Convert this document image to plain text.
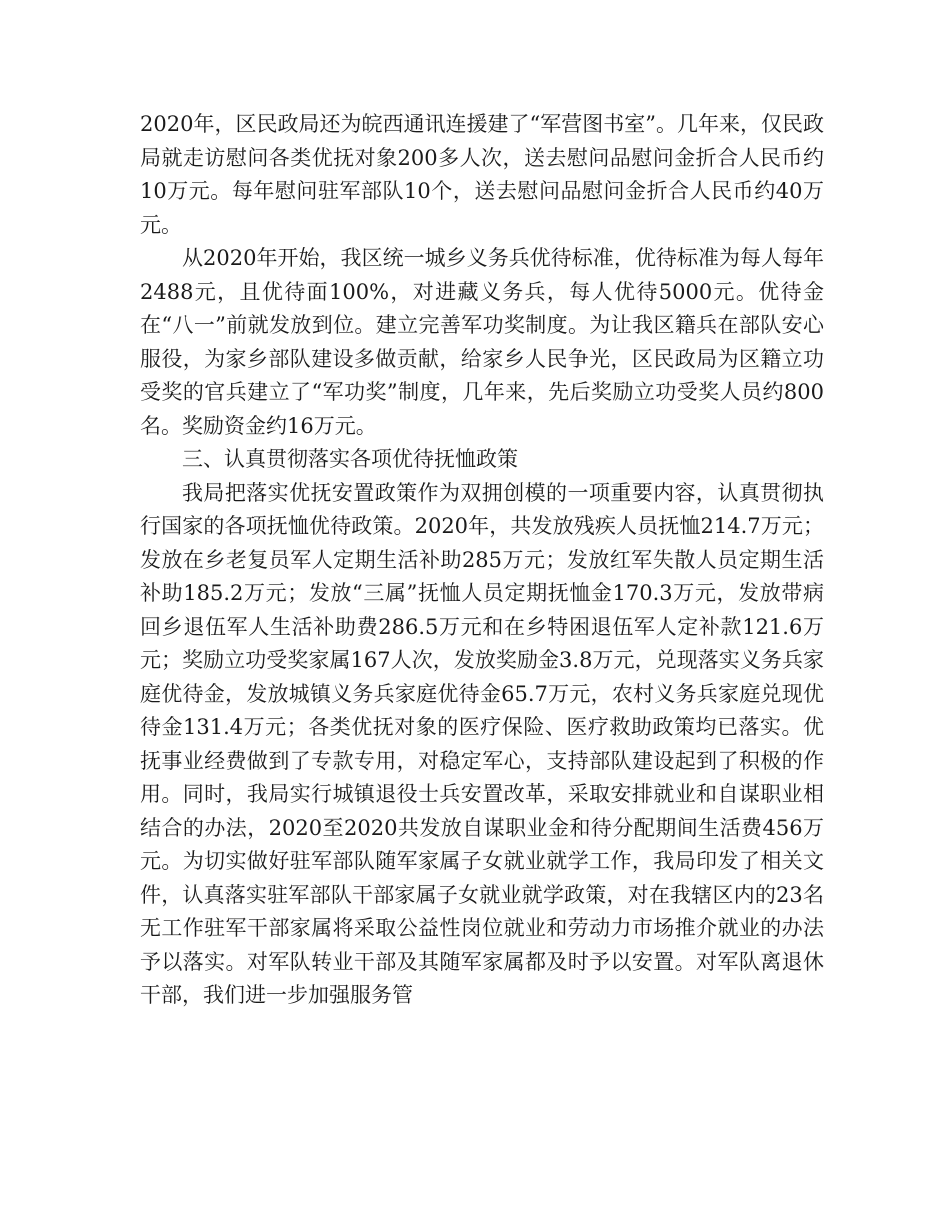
2020年，区民政局还为皖西通讯连援建了“军营图书室”。几年来，仅民政局就走访慰问各类优抚对象200多人次，送去慰问品慰问金折合人民币约10万元。每年慰问驻军部队10个，送去慰问品慰问金折合人民币约40万元。

从2020年开始，我区统一城乡义务兵优待标准，优待标准为每人每年2488元，且优待面100%，对进藏义务兵，每人优待5000元。优待金在“八一”前就发放到位。建立完善军功奖制度。为让我区籍兵在部队安心服役，为家乡部队建设多做贡献，给家乡人民争光，区民政局为区籍立功受奖的官兵建立了“军功奖”制度，几年来，先后奖励立功受奖人员约800名。奖励资金约16万元。

三、认真贯彻落实各项优待抚恤政策

我局把落实优抚安置政策作为双拥创模的一项重要内容，认真贯彻执行国家的各项抚恤优待政策。2020年，共发放残疾人员抚恤214.7万元；发放在乡老复员军人定期生活补助285万元；发放红军失散人员定期生活补助185.2万元；发放“三属”抚恤人员定期抚恤金170.3万元，发放带病回乡退伍军人生活补助费286.5万元和在乡特困退伍军人定补款121.6万元；奖励立功受奖家属167人次，发放奖励金3.8万元，兑现落实义务兵家庭优待金，发放城镇义务兵家庭优待金65.7万元，农村义务兵家庭兑现优待金131.4万元；各类优抚对象的医疗保险、医疗救助政策均已落实。优抚事业经费做到了专款专用，对稳定军心，支持部队建设起到了积极的作用。同时，我局实行城镇退役士兵安置改革，采取安排就业和自谋职业相结合的办法，2020至2020共发放自谋职业金和待分配期间生活费456万元。为切实做好驻军部队随军家属子女就业就学工作，我局印发了相关文件，认真落实驻军部队干部家属子女就业就学政策，对在我辖区内的23名无工作驻军干部家属将采取公益性岗位就业和劳动力市场推介就业的办法予以落实。对军队转业干部及其随军家属都及时予以安置。对军队离退休干部，我们进一步加强服务管
